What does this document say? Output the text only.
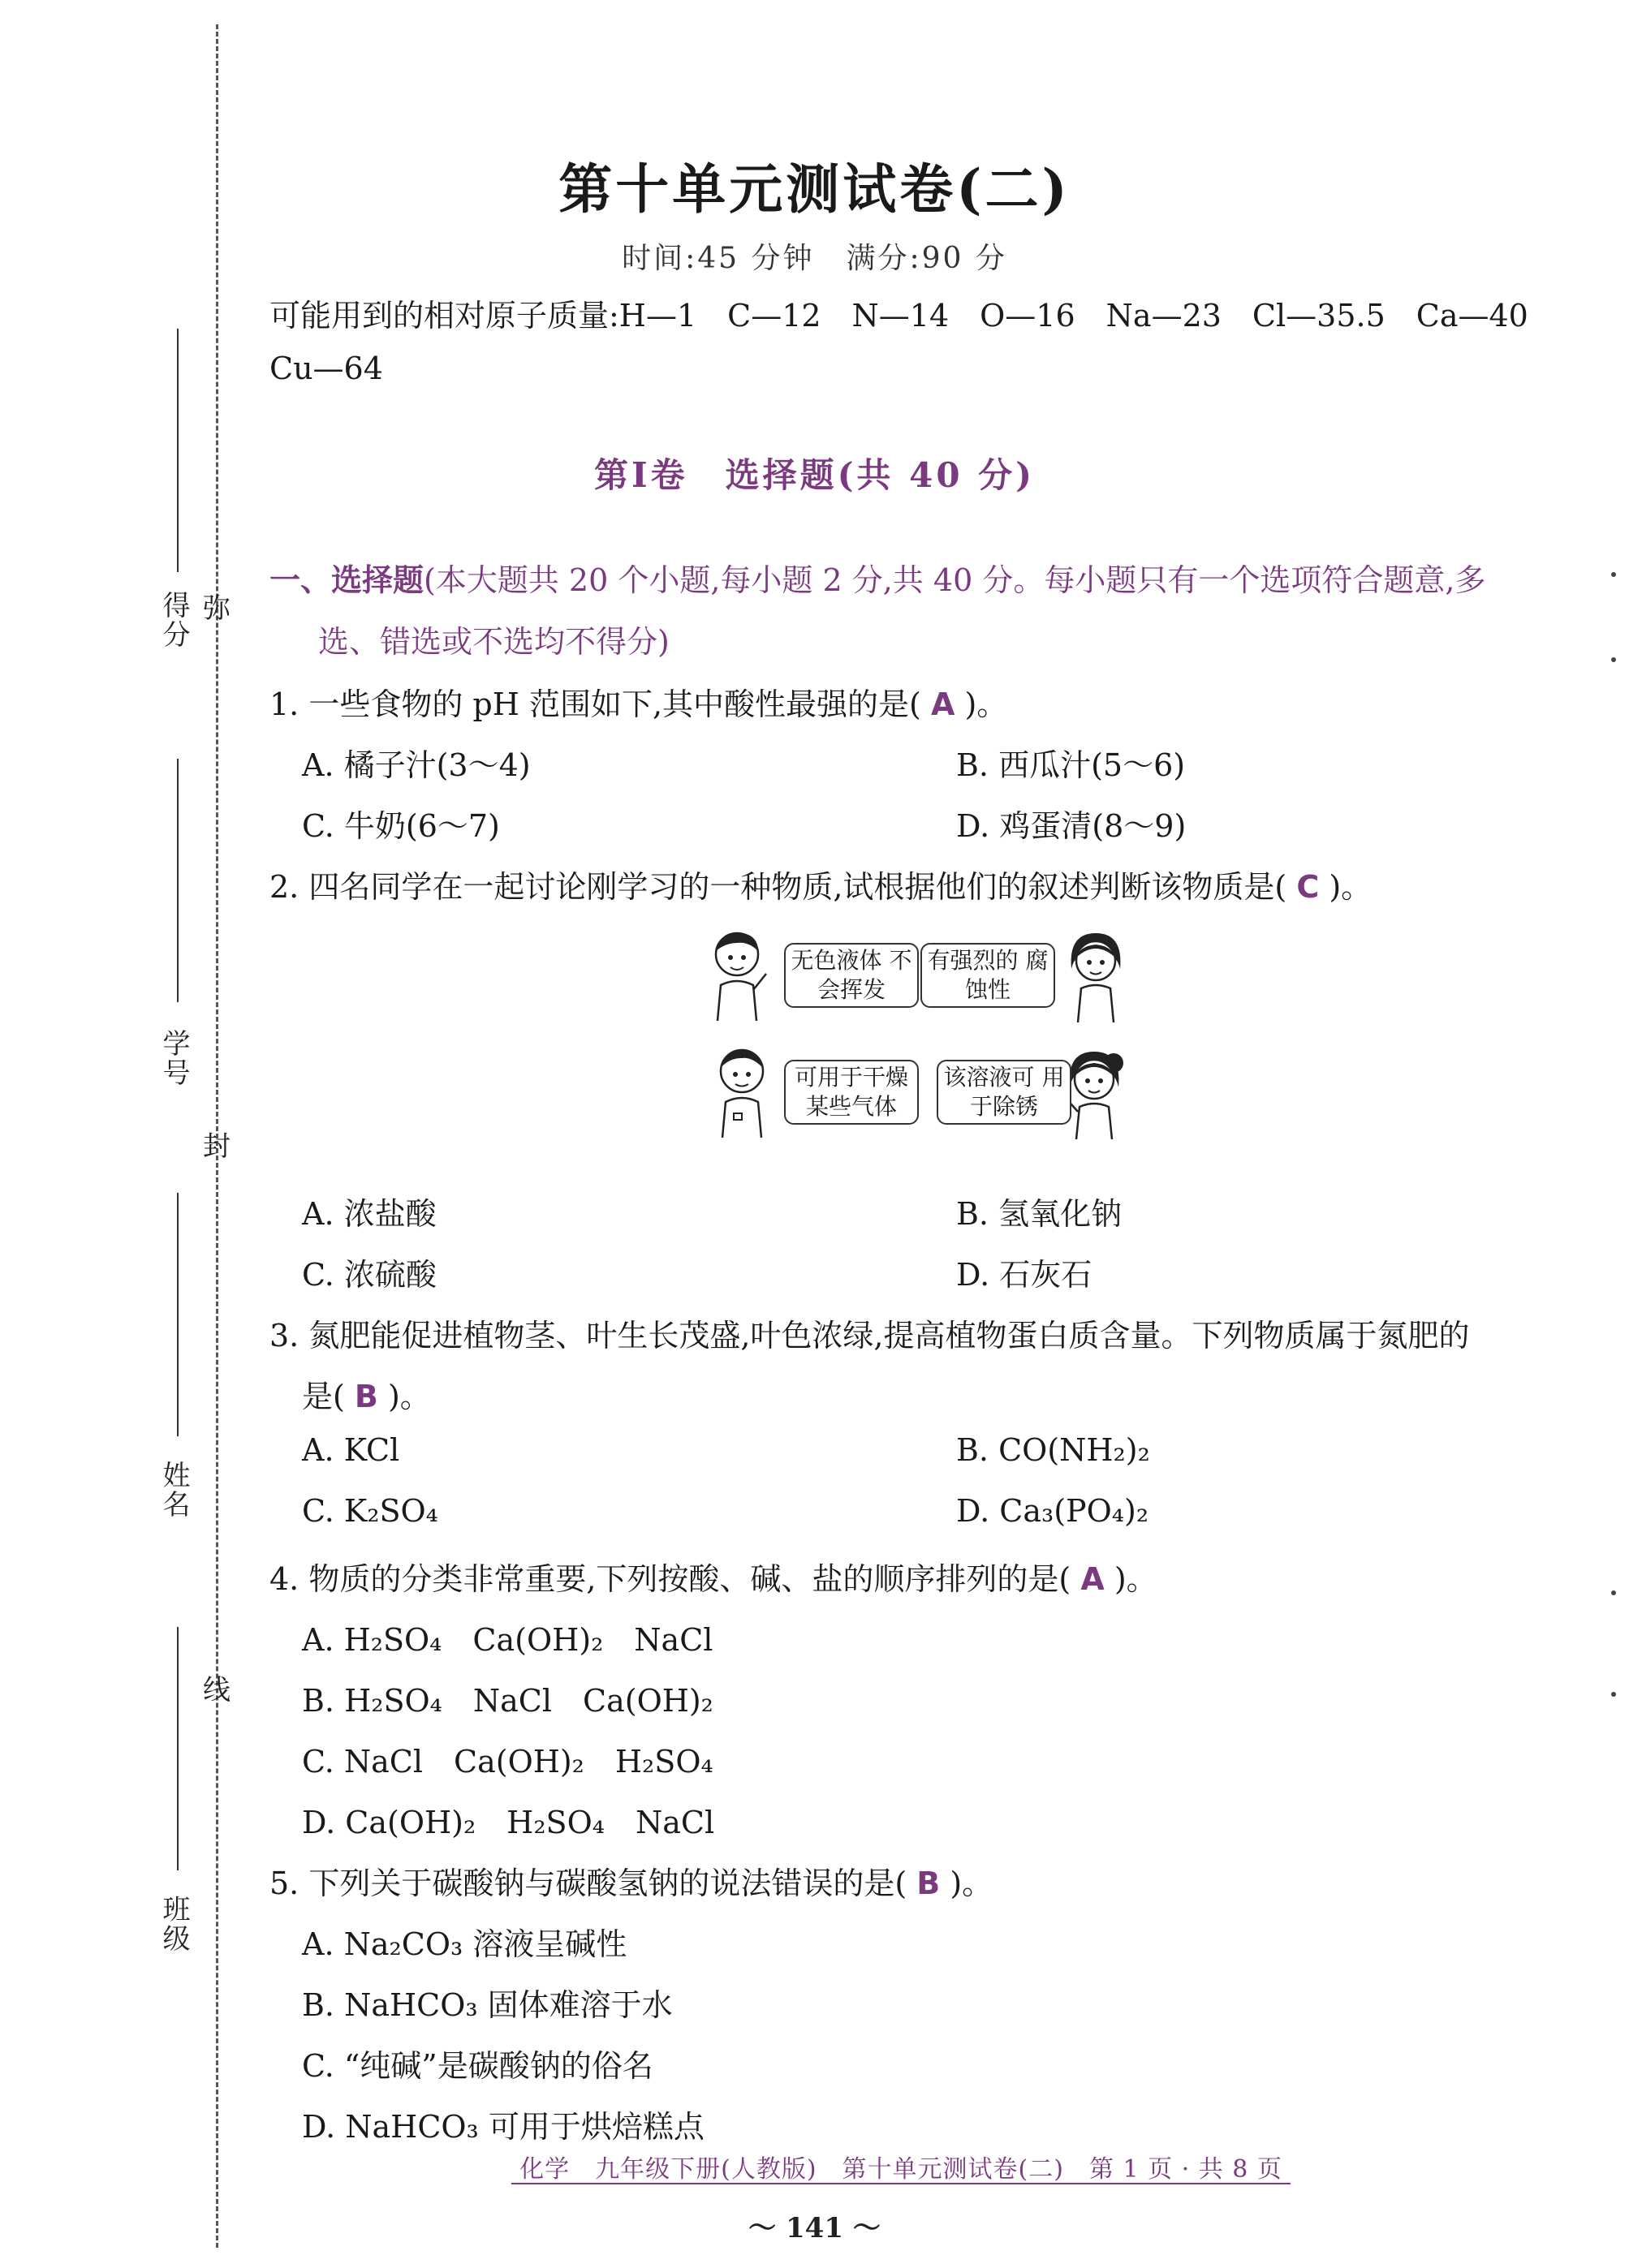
得分
学号
姓名
班级
弥
封
线
第十单元测试卷(二)
时间:45 分钟　满分:90 分
可能用到的相对原子质量:H—1　C—12　N—14　O—16　Na—23　Cl—35.5　Ca—40
Cu—64
第Ⅰ卷　选择题(共 40 分)
一、选择题(本大题共 20 个小题,每小题 2 分,共 40 分。每小题只有一个选项符合题意,多
选、错选或不选均不得分)
1. 一些食物的 pH 范围如下,其中酸性最强的是( A )。
A. 橘子汁(3～4)	B. 西瓜汁(5～6)
C. 牛奶(6～7)	D. 鸡蛋清(8～9)
2. 四名同学在一起讨论刚学习的一种物质,试根据他们的叙述判断该物质是( C )。
无色液体 不会挥发
有强烈的 腐蚀性
可用于干燥 某些气体
该溶液可 用于除锈
A. 浓盐酸	B. 氢氧化钠
C. 浓硫酸	D. 石灰石
3. 氮肥能促进植物茎、叶生长茂盛,叶色浓绿,提高植物蛋白质含量。下列物质属于氮肥的
是( B )。
A. KCl	B. CO(NH₂)₂
C. K₂SO₄	D. Ca₃(PO₄)₂
4. 物质的分类非常重要,下列按酸、碱、盐的顺序排列的是( A )。
A. H₂SO₄　Ca(OH)₂　NaCl
B. H₂SO₄　NaCl　Ca(OH)₂
C. NaCl　Ca(OH)₂　H₂SO₄
D. Ca(OH)₂　H₂SO₄　NaCl
5. 下列关于碳酸钠与碳酸氢钠的说法错误的是( B )。
A. Na₂CO₃ 溶液呈碱性
B. NaHCO₃ 固体难溶于水
C. “纯碱”是碳酸钠的俗名
D. NaHCO₃ 可用于烘焙糕点
化学　九年级下册(人教版)　第十单元测试卷(二)　第 1 页 · 共 8 页
～ 141 ～
